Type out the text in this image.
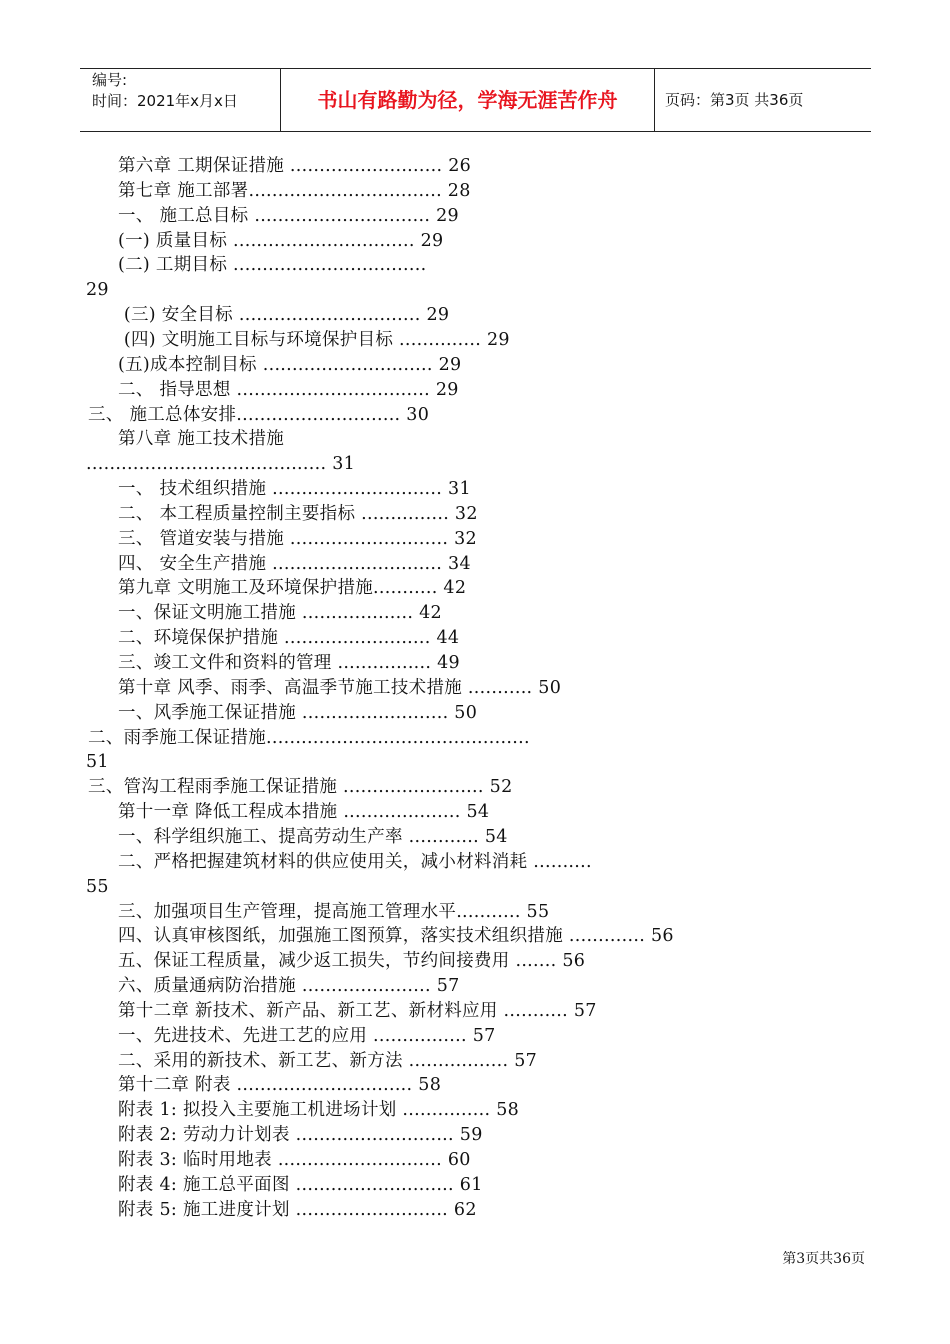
编号:
时间：2021年x月x日	书山有路勤为径，学海无涯苦作舟	页码：第3页 共36页
第六章 工期保证措施 .......................... 26
第七章 施工部署................................. 28
一、 施工总目标 .............................. 29
(一) 质量目标 ............................... 29
(二) 工期目标 .................................
29
(三) 安全目标 ............................... 29
(四) 文明施工目标与环境保护目标 .............. 29
(五)成本控制目标 ............................. 29
二、 指导思想 ................................. 29
三、 施工总体安排............................ 30
第八章 施工技术措施
......................................... 31
一、 技术组织措施 ............................. 31
二、 本工程质量控制主要指标 ............... 32
三、 管道安装与措施 ........................... 32
四、 安全生产措施 ............................. 34
第九章 文明施工及环境保护措施........... 42
一、保证文明施工措施 ................... 42
二、环境保保护措施 ......................... 44
三、竣工文件和资料的管理 ................ 49
第十章 风季、雨季、高温季节施工技术措施 ........... 50
一、风季施工保证措施 ......................... 50
二、雨季施工保证措施.............................................
51
三、管沟工程雨季施工保证措施 ........................ 52
第十一章 降低工程成本措施 .................... 54
一、科学组织施工、提高劳动生产率 ............ 54
二、严格把握建筑材料的供应使用关，减小材料消耗 ..........
55
三、加强项目生产管理，提高施工管理水平........... 55
四、认真审核图纸，加强施工图预算，落实技术组织措施 ............. 56
五、保证工程质量，减少返工损失，节约间接费用 ....... 56
六、质量通病防治措施 ...................... 57
第十二章 新技术、新产品、新工艺、新材料应用 ........... 57
一、先进技术、先进工艺的应用 ................ 57
二、采用的新技术、新工艺、新方法 ................. 57
第十二章 附表 .............................. 58
附表 1: 拟投入主要施工机进场计划 ............... 58
附表 2: 劳动力计划表 ........................... 59
附表 3: 临时用地表 ............................ 60
附表 4: 施工总平面图 ........................... 61
附表 5: 施工进度计划 .......................... 62
第3页共36页
